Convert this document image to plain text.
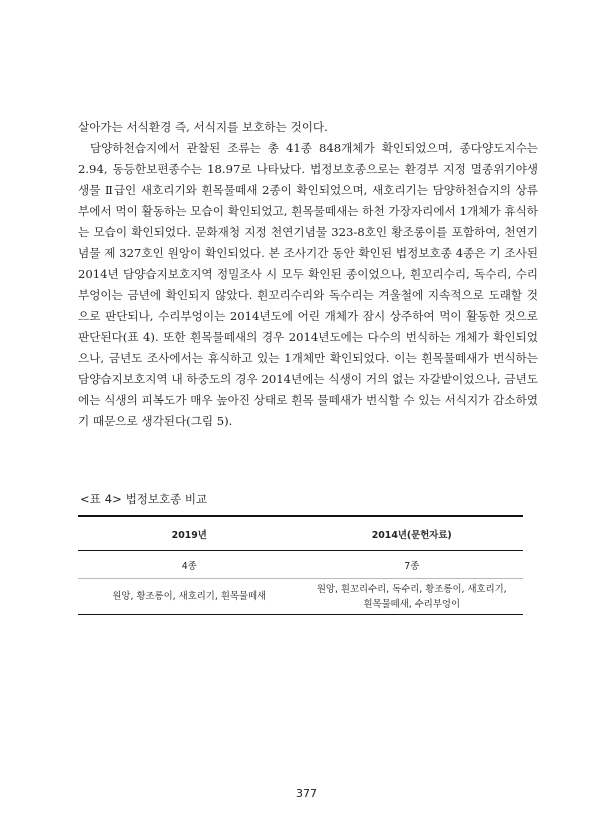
살아가는 서식환경 즉, 서식지를 보호하는 것이다.

담양하천습지에서 관찰된 조류는 총 41종 848개체가 확인되었으며, 종다양도지수는 2.94, 동등한보편종수는 18.97로 나타났다. 법정보호종으로는 환경부 지정 멸종위기야생생물 Ⅱ급인 새호리기와 흰목물떼새 2종이 확인되었으며, 새호리기는 담양하천습지의 상류부에서 먹이 활동하는 모습이 확인되었고, 흰목물떼새는 하천 가장자리에서 1개체가 휴식하는 모습이 확인되었다. 문화재청 지정 천연기념물 323-8호인 황조롱이를 포함하여, 천연기념물 제 327호인 원앙이 확인되었다. 본 조사기간 동안 확인된 법정보호종 4종은 기 조사된 2014년 담양습지보호지역 정밀조사 시 모두 확인된 종이었으나, 흰꼬리수리, 독수리, 수리부엉이는 금년에 확인되지 않았다. 흰꼬리수리와 독수리는 겨울철에 지속적으로 도래할 것으로 판단되나, 수리부엉이는 2014년도에 어린 개체가 잠시 상주하여 먹이 활동한 것으로 판단된다(표 4). 또한 흰목물떼새의 경우 2014년도에는 다수의 번식하는 개체가 확인되었으나, 금년도 조사에서는 휴식하고 있는 1개체만 확인되었다. 이는 흰목물떼새가 번식하는 담양습지보호지역 내 하중도의 경우 2014년에는 식생이 거의 없는 자갈밭이었으나, 금년도에는 식생의 피복도가 매우 높아진 상태로 흰목 물떼새가 번식할 수 있는 서식지가 감소하였기 때문으로 생각된다(그림 5).

<표 4> 법정보호종 비교
2019년	2014년(문헌자료)
4종	7종
원앙, 황조롱이, 새호리기, 흰목물떼새	원앙, 흰꼬리수리, 독수리, 황조롱이, 새호리기,
흰목물떼새, 수리부엉이
377
